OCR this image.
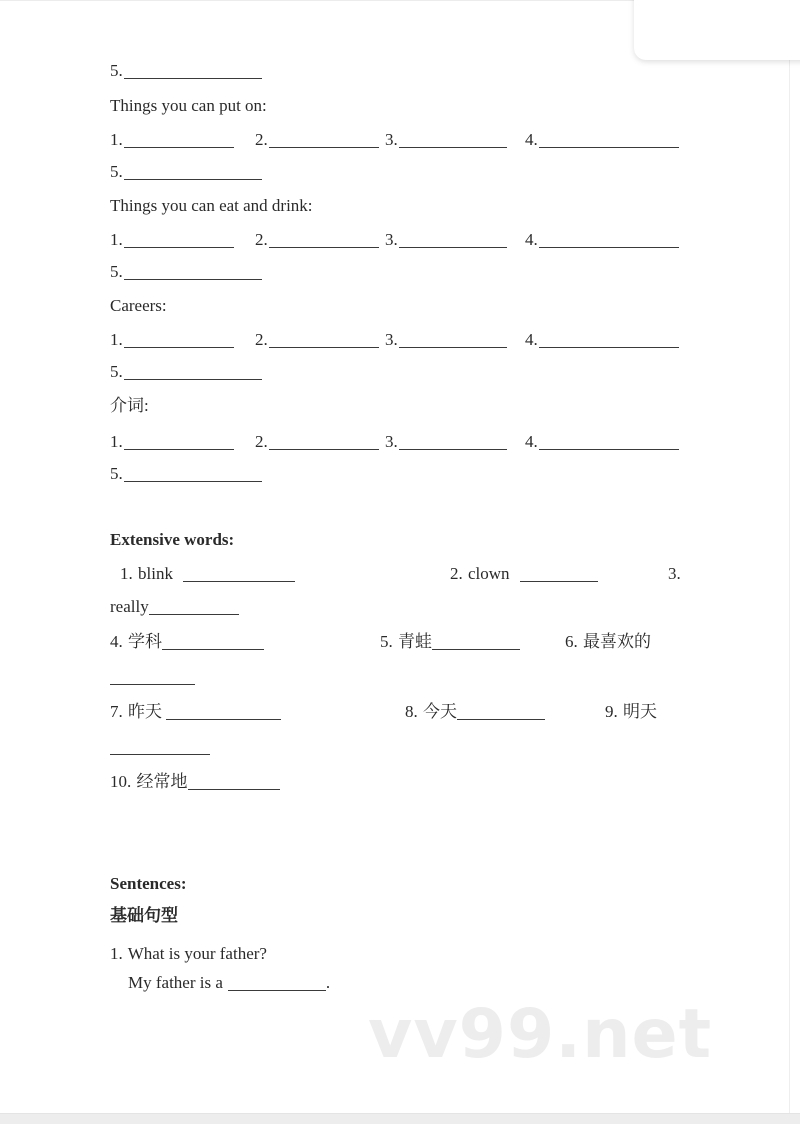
vv99.net
5.
Things you can put on:
1.	2.	3.	4.
5.
Things you can eat and drink:
1.	2.	3.	4.
5.
Careers:
1.	2.	3.	4.
5.
介词:
1.	2.	3.	4.
5.
Extensive words:
1. blink	2. clown	3.
really
4. 学科	5. 青蛙	6. 最喜欢的
7. 昨天	8. 今天	9. 明天
10. 经常地
Sentences:
基础句型
1. What is your father?
My father is a	.
